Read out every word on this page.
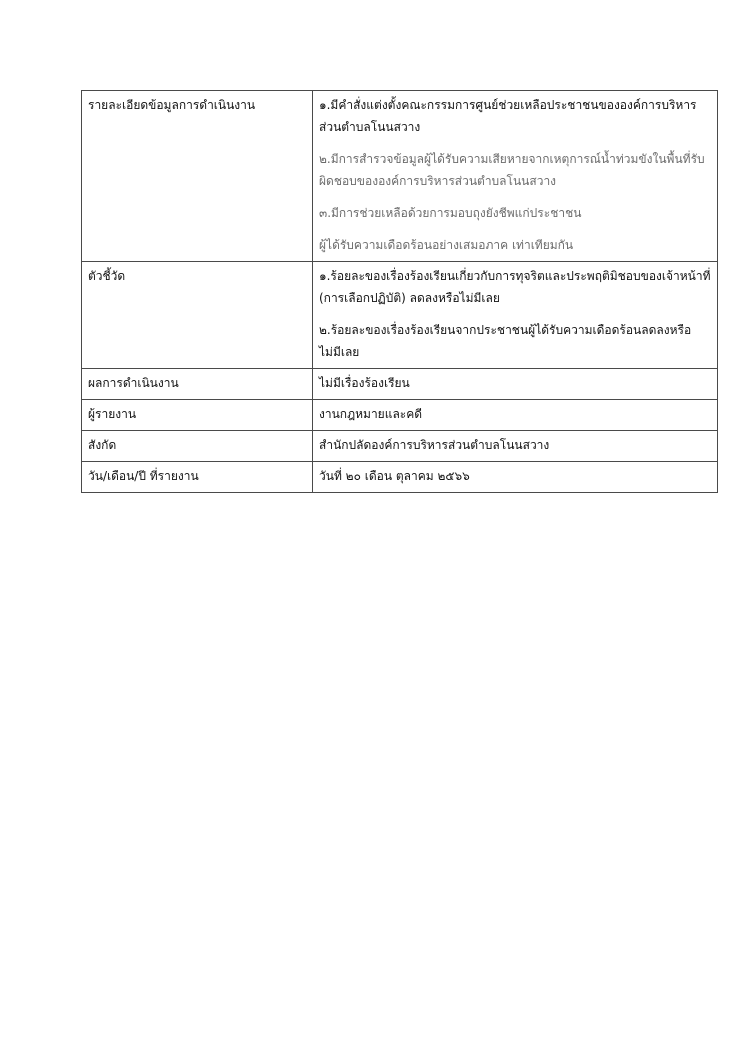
รายละเอียดข้อมูลการดำเนินงาน	๑.มีคำสั่งแต่งตั้งคณะกรรมการศูนย์ช่วยเหลือประชาชนขององค์การบริหารส่วนตำบลโนนสวาง

๒.มีการสำรวจข้อมูลผู้ได้รับความเสียหายจากเหตุการณ์น้ำท่วมขังในพื้นที่รับผิดชอบขององค์การบริหารส่วนตำบลโนนสวาง

๓.มีการช่วยเหลือด้วยการมอบถุงยังชีพแก่ประชาชน

ผู้ได้รับความเดือดร้อนอย่างเสมอภาค เท่าเทียมกัน

ตัวชี้วัด	๑.ร้อยละของเรื่องร้องเรียนเกี่ยวกับการทุจริตและประพฤติมิชอบของเจ้าหน้าที่ (การเลือกปฏิบัติ) ลดลงหรือไม่มีเลย

๒.ร้อยละของเรื่องร้องเรียนจากประชาชนผู้ได้รับความเดือดร้อนลดลงหรือไม่มีเลย

ผลการดำเนินงาน	ไม่มีเรื่องร้องเรียน
ผู้รายงาน	งานกฎหมายและคดี
สังกัด	สำนักปลัดองค์การบริหารส่วนตำบลโนนสวาง
วัน/เดือน/ปี ที่รายงาน	วันที่ ๒๐ เดือน ตุลาคม ๒๕๖๖
